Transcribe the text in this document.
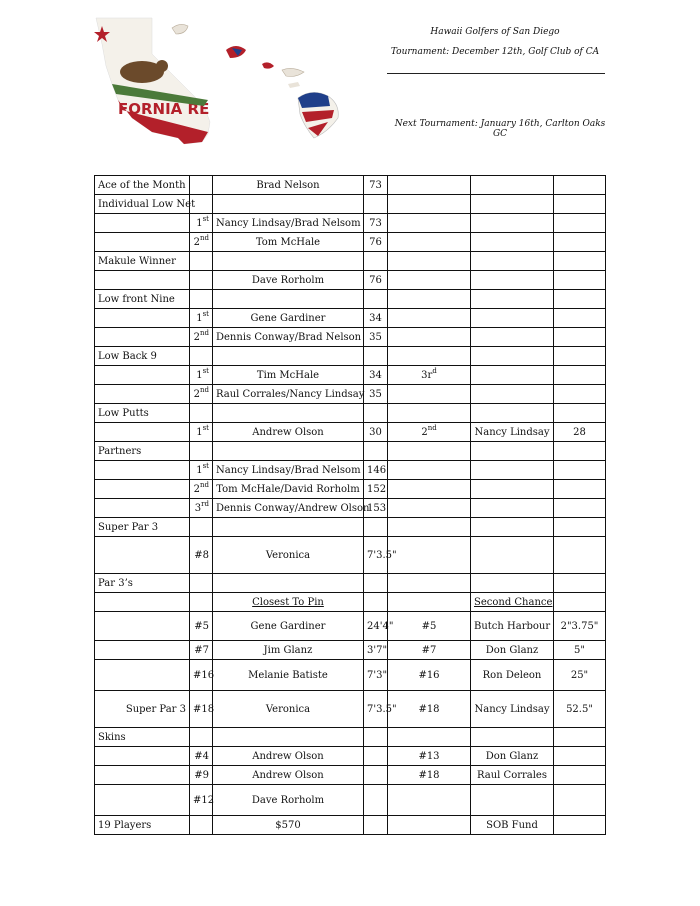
FORNIA RE
Hawaii Golfers of San Diego
Tournament: December 12th, Golf Club of CA
Next Tournament: January 16th, Carlton Oaks GC
Ace of the Month		Brad Nelson	73			
Individual Low Net						
	1st	Nancy Lindsay/Brad Nelsom	73			
	2nd	Tom McHale	76			
Makule Winner						
		Dave Rorholm	76			
Low front Nine						
	1st	Gene Gardiner	34			
	2nd	Dennis Conway/Brad Nelson	35			
Low Back 9						
	1st	Tim McHale	34	$3r^d$		
	2nd	Raul Corrales/Nancy Lindsay	35			
Low Putts						
	1st	Andrew Olson	30	2nd	Nancy Lindsay	28
Partners						
	1st	Nancy Lindsay/Brad Nelsom	146			
	2nd	Tom McHale/David Rorholm	152			
	3rd	Dennis Conway/Andrew Olson	153			
Super Par 3						
	#8	Veronica	7'3.5"			
Par 3’s						
		Closest To Pin			Second Chance	
	#5	Gene Gardiner	24'4"	#5	Butch Harbour	2"3.75"
	#7	Jim Glanz	3'7"	#7	Don Glanz	5"
	#16	Melanie Batiste	7'3"	#16	Ron Deleon	25"
Super Par 3	#18	Veronica	7'3.5"	#18	Nancy Lindsay	52.5"
Skins						
	#4	Andrew Olson		#13	Don Glanz	
	#9	Andrew Olson		#18	Raul Corrales	
	#12	Dave Rorholm				
19 Players		$570			SOB Fund	
